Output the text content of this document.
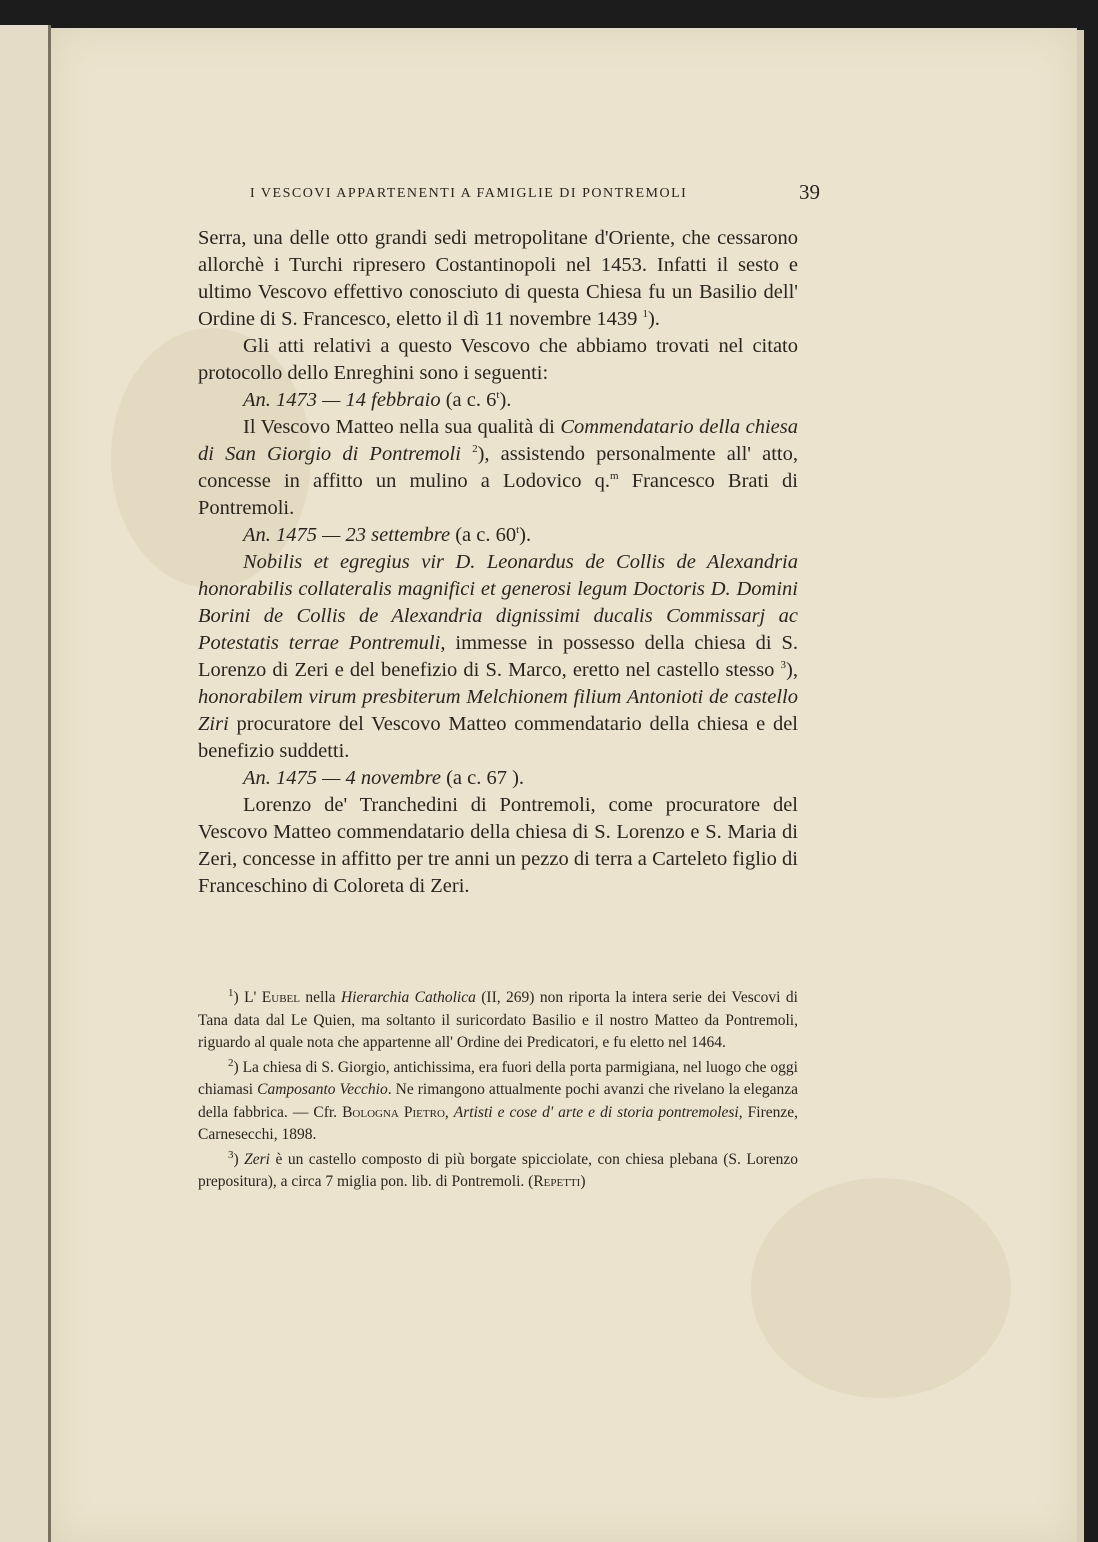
I VESCOVI APPARTENENTI A FAMIGLIE DI PONTREMOLI	39

Serra, una delle otto grandi sedi metropolitane d'Oriente, che cessarono allorchè i Turchi ripresero Costantinopoli nel 1453. Infatti il sesto e ultimo Vescovo effettivo conosciuto di questa Chiesa fu un Basilio dell' Ordine di S. Francesco, eletto il dì 11 novembre 1439 $^1$).

Gli atti relativi a questo Vescovo che abbiamo trovati nel citato protocollo dello Enreghini sono i seguenti:

An. 1473 — 14 febbraio (a c. 6$^t$).

Il Vescovo Matteo nella sua qualità di Commendatario della chiesa di San Giorgio di Pontremoli $^2$), assistendo personalmente all' atto, concesse in affitto un mulino a Lodovico q.$^m$ Francesco Brati di Pontremoli.

An. 1475 — 23 settembre (a c. 60$^t$).

Nobilis et egregius vir D. Leonardus de Collis de Alexandria honorabilis collateralis magnifici et generosi legum Doctoris D. Domini Borini de Collis de Alexandria dignissimi ducalis Commissarj ac Potestatis terrae Pontremuli, immesse in possesso della chiesa di S. Lorenzo di Zeri e del benefizio di S. Marco, eretto nel castello stesso $^3$), honorabilem virum presbiterum Melchionem filium Antonioti de castello Ziri procuratore del Vescovo Matteo commendatario della chiesa e del benefizio suddetti.

An. 1475 — 4 novembre (a c. 67 ).

Lorenzo de' Tranchedini di Pontremoli, come procuratore del Vescovo Matteo commendatario della chiesa di S. Lorenzo e S. Maria di Zeri, concesse in affitto per tre anni un pezzo di terra a Carteleto figlio di Franceschino di Coloreta di Zeri.

$^1$) L' Eubel nella Hierarchia Catholica (II, 269) non riporta la intera serie dei Vescovi di Tana data dal Le Quien, ma soltanto il suricordato Basilio e il nostro Matteo da Pontremoli, riguardo al quale nota che appartenne all' Ordine dei Predicatori, e fu eletto nel 1464.

$^2$) La chiesa di S. Giorgio, antichissima, era fuori della porta parmigiana, nel luogo che oggi chiamasi Camposanto Vecchio. Ne rimangono attualmente pochi avanzi che rivelano la eleganza della fabbrica. — Cfr. Bologna Pietro, Artisti e cose d' arte e di storia pontremolesi, Firenze, Carnesecchi, 1898.

$^3$) Zeri è un castello composto di più borgate spicciolate, con chiesa plebana (S. Lorenzo prepositura), a circa 7 miglia pon. lib. di Pontremoli. (Repetti)
